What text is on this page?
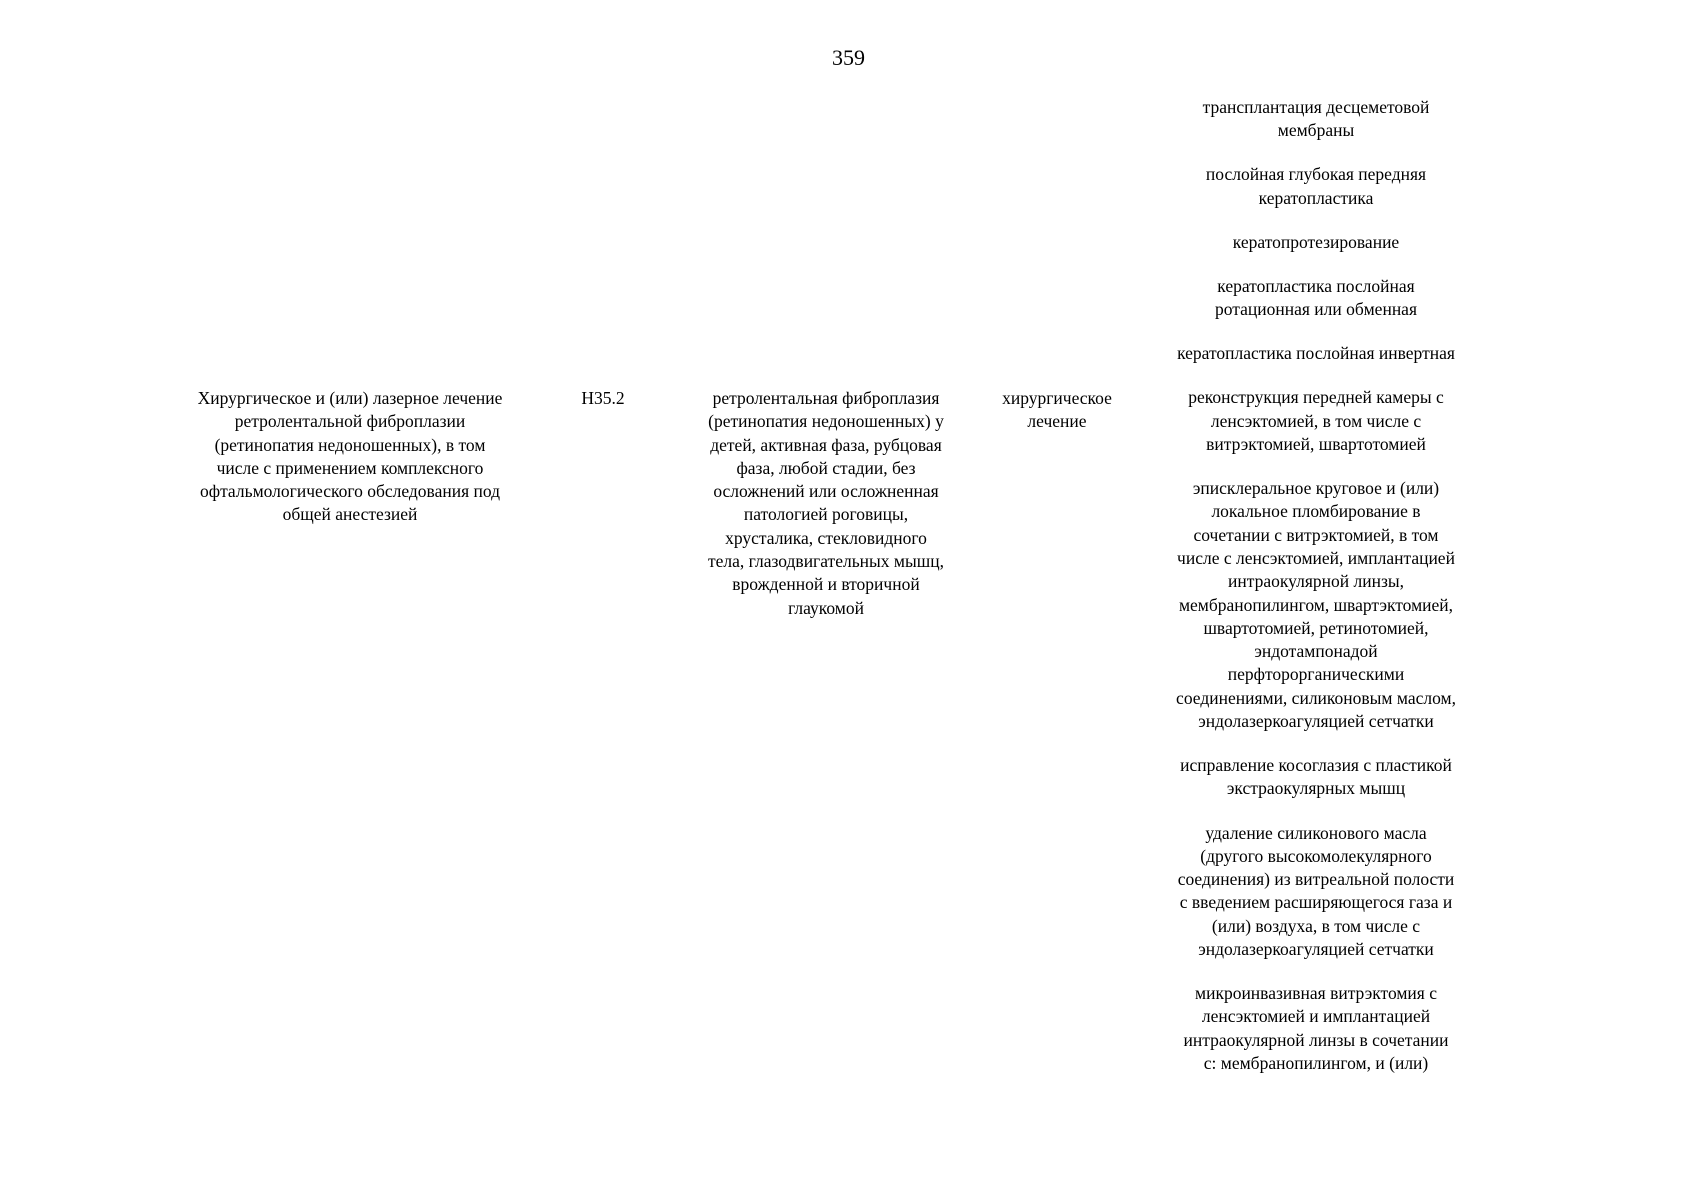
359

Хирургическое и (или) лазерное лечение
ретролентальной фиброплазии
(ретинопатия недоношенных), в том
числе с применением комплексного
офтальмологического обследования под
общей анестезией

H35.2	ретролентальная фиброплазия
(ретинопатия недоношенных) у
детей, активная фаза, рубцовая
фаза, любой стадии, без
осложнений или осложненная
патологией роговицы,
хрусталика, стекловидного
тела, глазодвигательных мышц,
врожденной и вторичной
глаукомой

хирургическое
лечение

трансплантация десцеметовой
мембраны

послойная глубокая передняя
кератопластика

кератопротезирование

кератопластика послойная
ротационная или обменная

кератопластика послойная инвертная

реконструкция передней камеры с
ленсэктомией, в том числе с
витрэктомией, швартотомией

эписклеральное круговое и (или)
локальное пломбирование в
сочетании с витрэктомией, в том
числе с ленсэктомией, имплантацией
интраокулярной линзы,
мембранопилингом, швартэктомией,
швартотомией, ретинотомией,
эндотампонадой
перфторорганическими
соединениями, силиконовым маслом,
эндолазеркоагуляцией сетчатки

исправление косоглазия с пластикой
экстраокулярных мышц

удаление силиконового масла
(другого высокомолекулярного
соединения) из витреальной полости
с введением расширяющегося газа и
(или) воздуха, в том числе с
эндолазеркоагуляцией сетчатки

микроинвазивная витрэктомия с
ленсэктомией и имплантацией
интраокулярной линзы в сочетании
с: мембранопилингом, и (или)
